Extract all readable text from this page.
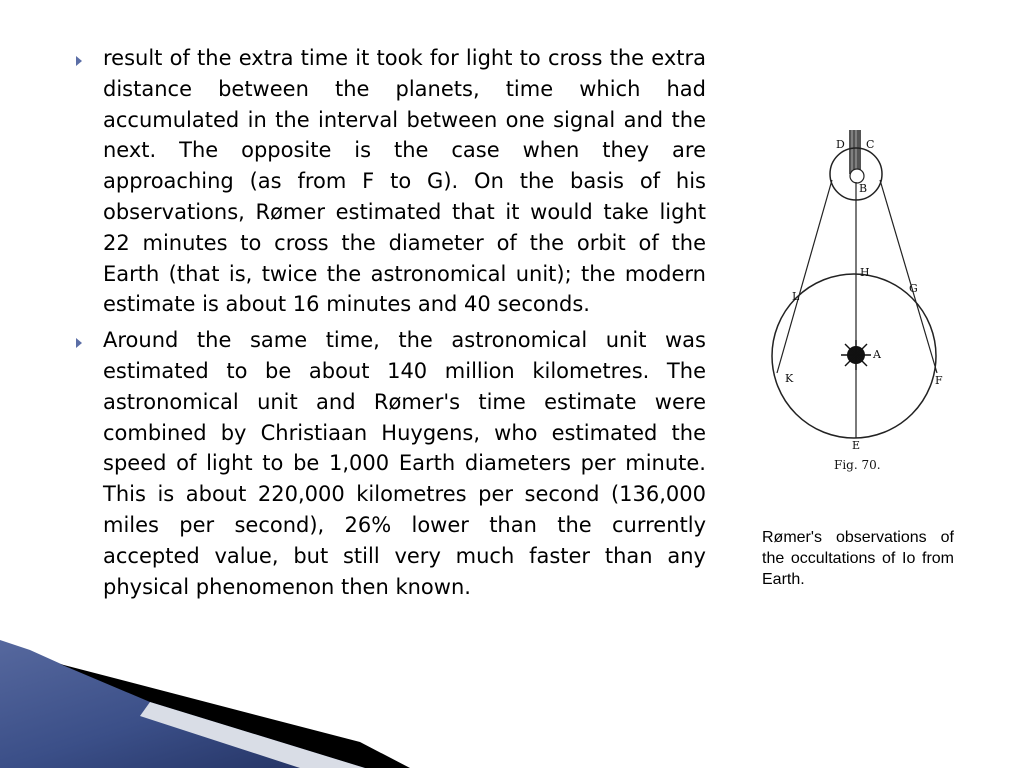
result of the extra time it took for light to cross the extra distance between the planets, time which had accumulated in the interval between one signal and the next. The opposite is the case when they are approaching (as from F to G). On the basis of his observations, Rømer estimated that it would take light 22 minutes to cross the diameter of the orbit of the Earth (that is, twice the astronomical unit); the modern estimate is about 16 minutes and 40 seconds.
Around the same time, the astronomical unit was estimated to be about 140 million kilometres. The astronomical unit and Rømer's time estimate were combined by Christiaan Huygens, who estimated the speed of light to be 1,000 Earth diameters per minute. This is about 220,000 kilometres per second (136,000 miles per second), 26% lower than the currently accepted value, but still very much faster than any physical phenomenon then known.
D C
B
H
L
G
A
K	F
E
Fig. 70.
Rømer's observations of the occultations of Io from Earth.
